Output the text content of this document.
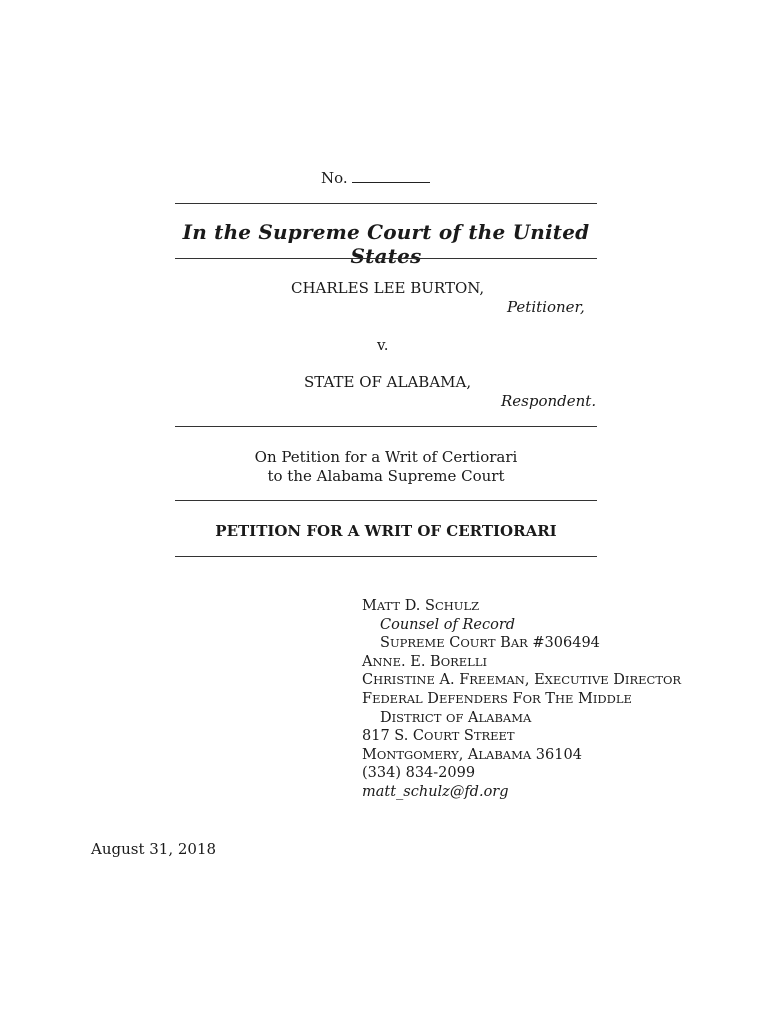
No.
In the Supreme Court of the United States
CHARLES LEE BURTON,
Petitioner,
v.
STATE OF ALABAMA,
Respondent.
On Petition for a Writ of Certiorari
to the Alabama Supreme Court
PETITION FOR A WRIT OF CERTIORARI
MATT D. SCHULZ
Counsel of Record
SUPREME COURT BAR #306494
ANNE. E. BORELLI
CHRISTINE A. FREEMAN, EXECUTIVE DIRECTOR
FEDERAL DEFENDERS FOR THE MIDDLE
DISTRICT OF ALABAMA
817 S. COURT STREET
MONTGOMERY, ALABAMA 36104
(334) 834-2099
matt_schulz@fd.org
August 31, 2018
